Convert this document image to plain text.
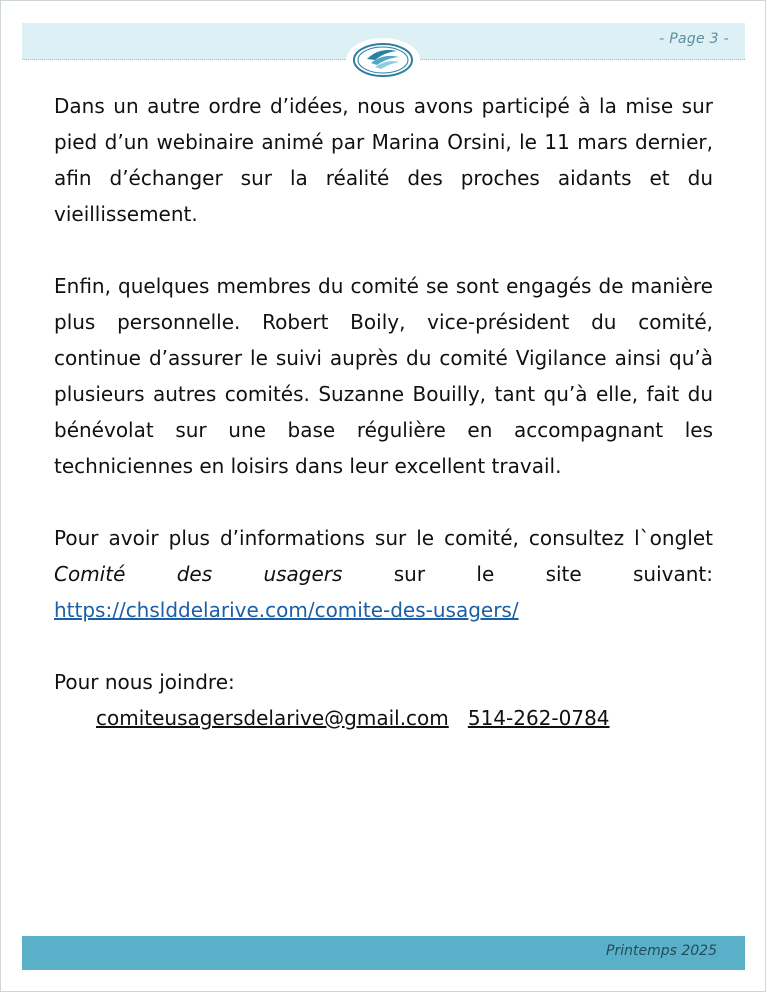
- Page 3 -

Dans un autre ordre d’idées, nous avons participé à la mise sur pied d’un webinaire animé par Marina Orsini, le 11 mars dernier, afin d’échanger sur la réalité des proches aidants et du vieillissement.

Enfin, quelques membres du comité se sont engagés de manière plus personnelle. Robert Boily, vice-président du comité, continue d’assurer le suivi auprès du comité Vigilance ainsi qu’à plusieurs autres comités. Suzanne Bouilly, tant qu’à elle, fait du bénévolat sur une base régulière en accompagnant les techniciennes en loisirs dans leur excellent travail.

Pour avoir plus d’informations sur le comité, consultez l`onglet Comité des usagers sur le site suivant: https://chslddelarive.com/comite-des-usagers/

Pour nous joindre:

comiteusagersdelarive@gmail.com 514-262-0784

Printemps 2025
